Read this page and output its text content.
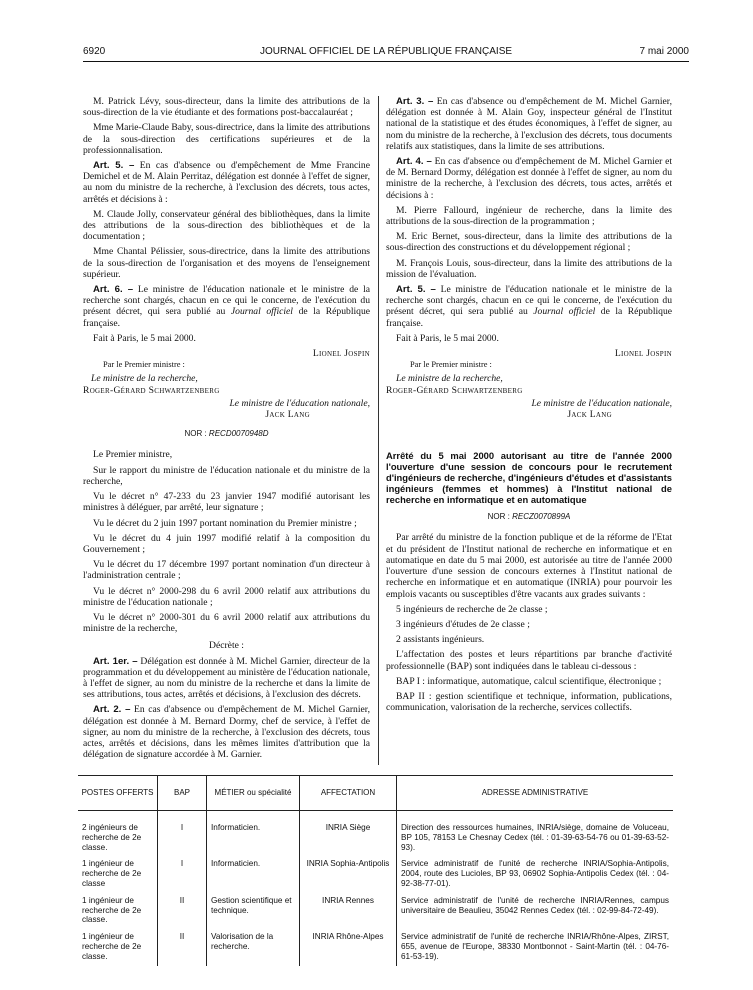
6920	JOURNAL OFFICIEL DE LA RÉPUBLIQUE FRANÇAISE	7 mai 2000

M. Patrick Lévy, sous-directeur, dans la limite des attributions de la sous-direction de la vie étudiante et des formations post-baccalauréat ;

Mme Marie-Claude Baby, sous-directrice, dans la limite des attributions de la sous-direction des certifications supérieures et de la professionnalisation.

Art. 5. – En cas d'absence ou d'empêchement de Mme Francine Demichel et de M. Alain Perritaz, délégation est donnée à l'effet de signer, au nom du ministre de la recherche, à l'exclusion des décrets, tous actes, arrêtés et décisions à :

M. Claude Jolly, conservateur général des bibliothèques, dans la limite des attributions de la sous-direction des bibliothèques et de la documentation ;

Mme Chantal Pélissier, sous-directrice, dans la limite des attributions de la sous-direction de l'organisation et des moyens de l'enseignement supérieur.

Art. 6. – Le ministre de l'éducation nationale et le ministre de la recherche sont chargés, chacun en ce qui le concerne, de l'exécution du présent décret, qui sera publié au Journal officiel de la République française.

Fait à Paris, le 5 mai 2000.

Lionel Jospin
Par le Premier ministre :
Le ministre de la recherche,
Roger-Gérard Schwartzenberg
Le ministre de l'éducation nationale,
Jack Lang
NOR : RECD0070948D

Le Premier ministre,

Sur le rapport du ministre de l'éducation nationale et du ministre de la recherche,

Vu le décret n° 47-233 du 23 janvier 1947 modifié autorisant les ministres à déléguer, par arrêté, leur signature ;

Vu le décret du 2 juin 1997 portant nomination du Premier ministre ;

Vu le décret du 4 juin 1997 modifié relatif à la composition du Gouvernement ;

Vu le décret du 17 décembre 1997 portant nomination d'un directeur à l'administration centrale ;

Vu le décret n° 2000-298 du 6 avril 2000 relatif aux attributions du ministre de l'éducation nationale ;

Vu le décret n° 2000-301 du 6 avril 2000 relatif aux attributions du ministre de la recherche,

Décrète :

Art. 1er. – Délégation est donnée à M. Michel Garnier, directeur de la programmation et du développement au ministère de l'éducation nationale, à l'effet de signer, au nom du ministre de la recherche et dans la limite de ses attributions, tous actes, arrêtés et décisions, à l'exclusion des décrets.

Art. 2. – En cas d'absence ou d'empêchement de M. Michel Garnier, délégation est donnée à M. Bernard Dormy, chef de service, à l'effet de signer, au nom du ministre de la recherche, à l'exclusion des décrets, tous actes, arrêtés et décisions, dans les mêmes limites d'attribution que la délégation de signature accordée à M. Garnier.

Art. 3. – En cas d'absence ou d'empêchement de M. Michel Garnier, délégation est donnée à M. Alain Goy, inspecteur général de l'Institut national de la statistique et des études économiques, à l'effet de signer, au nom du ministre de la recherche, à l'exclusion des décrets, tous documents relatifs aux statistiques, dans la limite de ses attributions.

Art. 4. – En cas d'absence ou d'empêchement de M. Michel Garnier et de M. Bernard Dormy, délégation est donnée à l'effet de signer, au nom du ministre de la recherche, à l'exclusion des décrets, tous actes, arrêtés et décisions à :

M. Pierre Fallourd, ingénieur de recherche, dans la limite des attributions de la sous-direction de la programmation ;

M. Eric Bernet, sous-directeur, dans la limite des attributions de la sous-direction des constructions et du développement régional ;

M. François Louis, sous-directeur, dans la limite des attributions de la mission de l'évaluation.

Art. 5. – Le ministre de l'éducation nationale et le ministre de la recherche sont chargés, chacun en ce qui le concerne, de l'exécution du présent décret, qui sera publié au Journal officiel de la République française.

Fait à Paris, le 5 mai 2000.

Lionel Jospin
Par le Premier ministre :
Le ministre de la recherche,
Roger-Gérard Schwartzenberg
Le ministre de l'éducation nationale,
Jack Lang
Arrêté du 5 mai 2000 autorisant au titre de l'année 2000 l'ouverture d'une session de concours pour le recrutement d'ingénieurs de recherche, d'ingénieurs d'études et d'assistants ingénieurs (femmes et hommes) à l'Institut national de recherche en informatique et en automatique
NOR : RECZ0070899A

Par arrêté du ministre de la fonction publique et de la réforme de l'Etat et du président de l'Institut national de recherche en informatique et en automatique en date du 5 mai 2000, est autorisée au titre de l'année 2000 l'ouverture d'une session de concours externes à l'Institut national de recherche en informatique et en automatique (INRIA) pour pourvoir les emplois vacants ou susceptibles d'être vacants aux grades suivants :

5 ingénieurs de recherche de 2e classe ;

3 ingénieurs d'études de 2e classe ;

2 assistants ingénieurs.

L'affectation des postes et leurs répartitions par branche d'activité professionnelle (BAP) sont indiquées dans le tableau ci-dessous :

BAP I : informatique, automatique, calcul scientifique, électronique ;

BAP II : gestion scientifique et technique, information, publications, communication, valorisation de la recherche, services collectifs.

POSTES OFFERTS	BAP	MÉTIER ou spécialité	AFFECTATION	ADRESSE ADMINISTRATIVE
2 ingénieurs de recherche de 2e classe.	I	Informaticien.	INRIA Siège	Direction des ressources humaines, INRIA/siège, domaine de Voluceau, BP 105, 78153 Le Chesnay Cedex (tél. : 01-39-63-54-76 ou 01-39-63-52-93).
1 ingénieur de recherche de 2e classe	I	Informaticien.	INRIA Sophia-Antipolis	Service administratif de l'unité de recherche INRIA/Sophia-Antipolis, 2004, route des Lucioles, BP 93, 06902 Sophia-Antipolis Cedex (tél. : 04-92-38-77-01).
1 ingénieur de recherche de 2e classe.	II	Gestion scientifique et technique.	INRIA Rennes	Service administratif de l'unité de recherche INRIA/Rennes, campus universitaire de Beaulieu, 35042 Rennes Cedex (tél. : 02-99-84-72-49).
1 ingénieur de recherche de 2e classe.	II	Valorisation de la recherche.	INRIA Rhône-Alpes	Service administratif de l'unité de recherche INRIA/Rhône-Alpes, ZIRST, 655, avenue de l'Europe, 38330 Montbonnot - Saint-Martin (tél. : 04-76-61-53-19).
